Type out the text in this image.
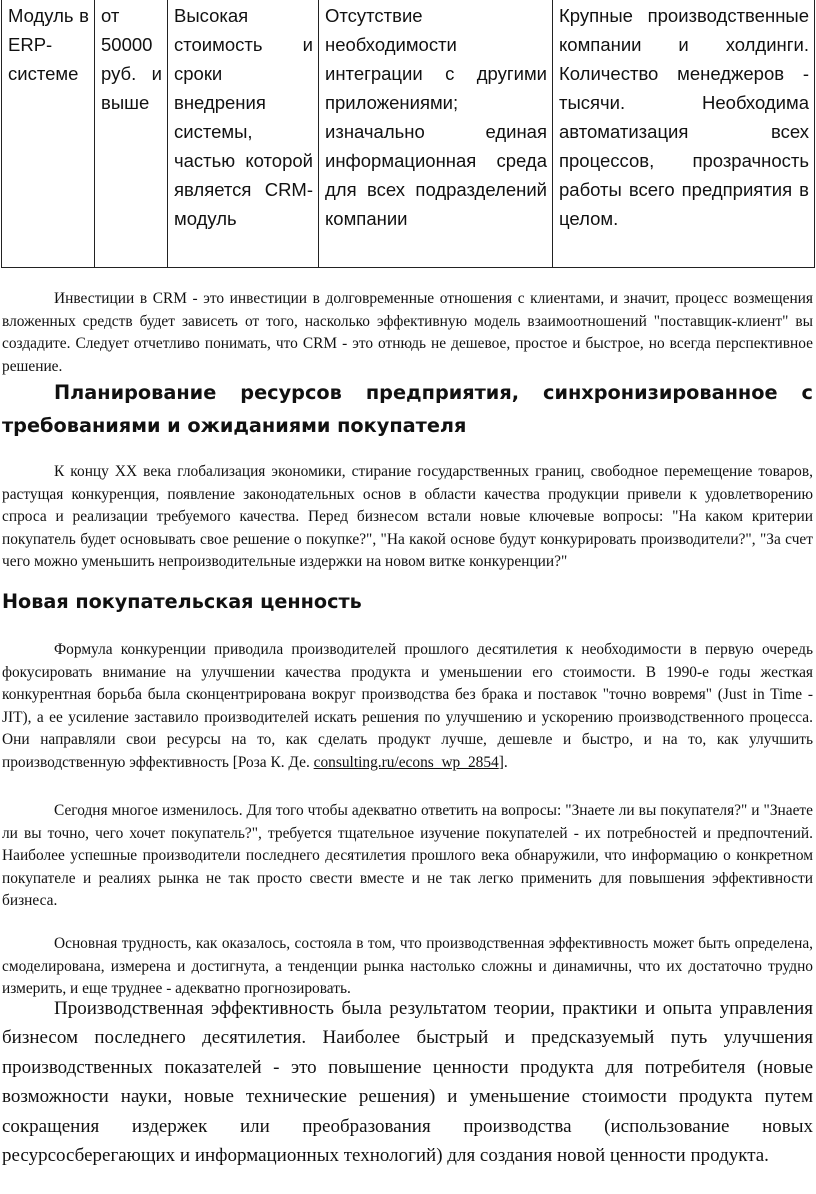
Модуль в ERP-системе	от 50000 руб. и выше	Высокая стоимость и сроки внедрения системы, частью которой является CRM-модуль	Отсутствие необходимости интеграции с другими приложениями; изначально единая информационная среда для всех подразделений компании	Крупные производственные компании и холдинги. Количество менеджеров - тысячи. Необходима автоматизация всех процессов, прозрачность работы всего предприятия в целом.

Инвестиции в CRM - это инвестиции в долговременные отношения с клиентами, и значит, процесс возмещения вложенных средств будет зависеть от того, насколько эффективную модель взаимоотношений "поставщик-клиент" вы создадите. Следует отчетливо понимать, что CRM - это отнюдь не дешевое, простое и быстрое, но всегда перспективное решение.

Планирование ресурсов предприятия, синхронизированное с требованиями и ожиданиями покупателя

К концу XX века глобализация экономики, стирание государственных границ, свободное перемещение товаров, растущая конкуренция, появление законодательных основ в области качества продукции привели к удовлетворению спроса и реализации требуемого качества. Перед бизнесом встали новые ключевые вопросы: "На каком критерии покупатель будет основывать свое решение о покупке?", "На какой основе будут конкурировать производители?", "За счет чего можно уменьшить непроизводительные издержки на новом витке конкуренции?"

Новая покупательская ценность

Формула конкуренции приводила производителей прошлого десятилетия к необходимости в первую очередь фокусировать внимание на улучшении качества продукта и уменьшении его стоимости. В 1990-е годы жесткая конкурентная борьба была сконцентрирована вокруг производства без брака и поставок "точно вовремя" (Just in Time - JIT), а ее усиление заставило производителей искать решения по улучшению и ускорению производственного процесса. Они направляли свои ресурсы на то, как сделать продукт лучше, дешевле и быстро, и на то, как улучшить производственную эффективность [Роза К. Де. consulting.ru/econs_wp_2854].

Сегодня многое изменилось. Для того чтобы адекватно ответить на вопросы: "Знаете ли вы покупателя?" и "Знаете ли вы точно, чего хочет покупатель?", требуется тщательное изучение покупателей - их потребностей и предпочтений. Наиболее успешные производители последнего десятилетия прошлого века обнаружили, что информацию о конкретном покупателе и реалиях рынка не так просто свести вместе и не так легко применить для повышения эффективности бизнеса.

Основная трудность, как оказалось, состояла в том, что производственная эффективность может быть определена, смоделирована, измерена и достигнута, а тенденции рынка настолько сложны и динамичны, что их достаточно трудно измерить, и еще труднее - адекватно прогнозировать.

Производственная эффективность была результатом теории, практики и опыта управления бизнесом последнего десятилетия. Наиболее быстрый и предсказуемый путь улучшения производственных показателей - это повышение ценности продукта для потребителя (новые возможности науки, новые технические решения) и уменьшение стоимости продукта путем сокращения издержек или преобразования производства (использование новых ресурсосберегающих и информационных технологий) для создания новой ценности продукта.
